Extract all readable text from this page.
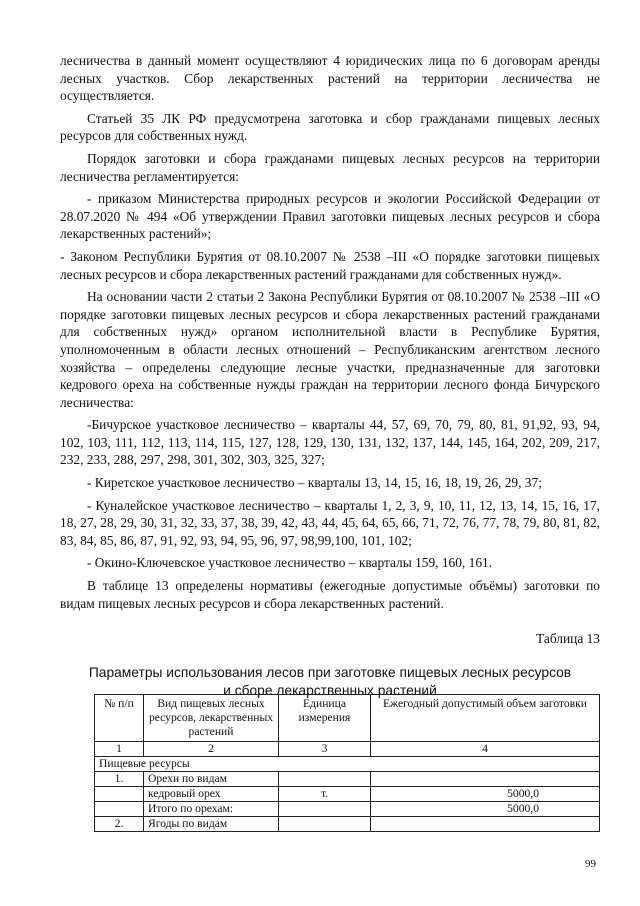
лесничества в данный момент осуществляют 4 юридических лица по 6 договорам аренды лесных участков. Сбор лекарственных растений на территории лесничества не осуществляется.

Статьей 35 ЛК РФ предусмотрена заготовка и сбор гражданами пищевых лесных ресурсов для собственных нужд.

Порядок заготовки и сбора гражданами пищевых лесных ресурсов на территории лесничества регламентируется:

- приказом Министерства природных ресурсов и экологии Российской Федерации от 28.07.2020 № 494 «Об утверждении Правил заготовки пищевых лесных ресурсов и сбора лекарственных растений»;

- Законом Республики Бурятия от 08.10.2007 № 2538 –III «О порядке заготовки пищевых лесных ресурсов и сбора лекарственных растений гражданами для собственных нужд».

На основании части 2 статьи 2 Закона Республики Бурятия от 08.10.2007 № 2538 –III «О порядке заготовки пищевых лесных ресурсов и сбора лекарственных растений гражданами для собственных нужд» органом исполнительной власти в Республике Бурятия, уполномоченным в области лесных отношений – Республиканским агентством лесного хозяйства – определены следующие лесные участки, предназначенные для заготовки кедрового ореха на собственные нужды граждан на территории лесного фонда Бичурского лесничества:

-Бичурское участковое лесничество – кварталы 44, 57, 69, 70, 79, 80, 81, 91,92, 93, 94, 102, 103, 111, 112, 113, 114, 115, 127, 128, 129, 130, 131, 132, 137, 144, 145, 164, 202, 209, 217, 232, 233, 288, 297, 298, 301, 302, 303, 325, 327;

- Киретское участковое лесничество – кварталы 13, 14, 15, 16, 18, 19, 26, 29, 37;

- Куналейское участковое лесничество – кварталы 1, 2, 3, 9, 10, 11, 12, 13, 14, 15, 16, 17, 18, 27, 28, 29, 30, 31, 32, 33, 37, 38, 39, 42, 43, 44, 45, 64, 65, 66, 71, 72, 76, 77, 78, 79, 80, 81, 82, 83, 84, 85, 86, 87, 91, 92, 93, 94, 95, 96, 97, 98,99,100, 101, 102;

- Окино-Ключевское участковое лесничество – кварталы 159, 160, 161.

В таблице 13 определены нормативы (ежегодные допустимые объёмы) заготовки по видам пищевых лесных ресурсов и сбора лекарственных растений.

Таблица 13
Параметры использования лесов при заготовке пищевых лесных ресурсов
и сборе лекарственных растений
№ п/п	Вид пищевых лесных ресурсов, лекарственных растений	Единица измерения	Ежегодный допустимый объем заготовки
1	2	3	4
Пищевые ресурсы			
1.	Орехи по видам		
	кедровый орех	т.	5000,0
	Итого по орехам:		5000,0
2.	Ягоды по видам		
99
